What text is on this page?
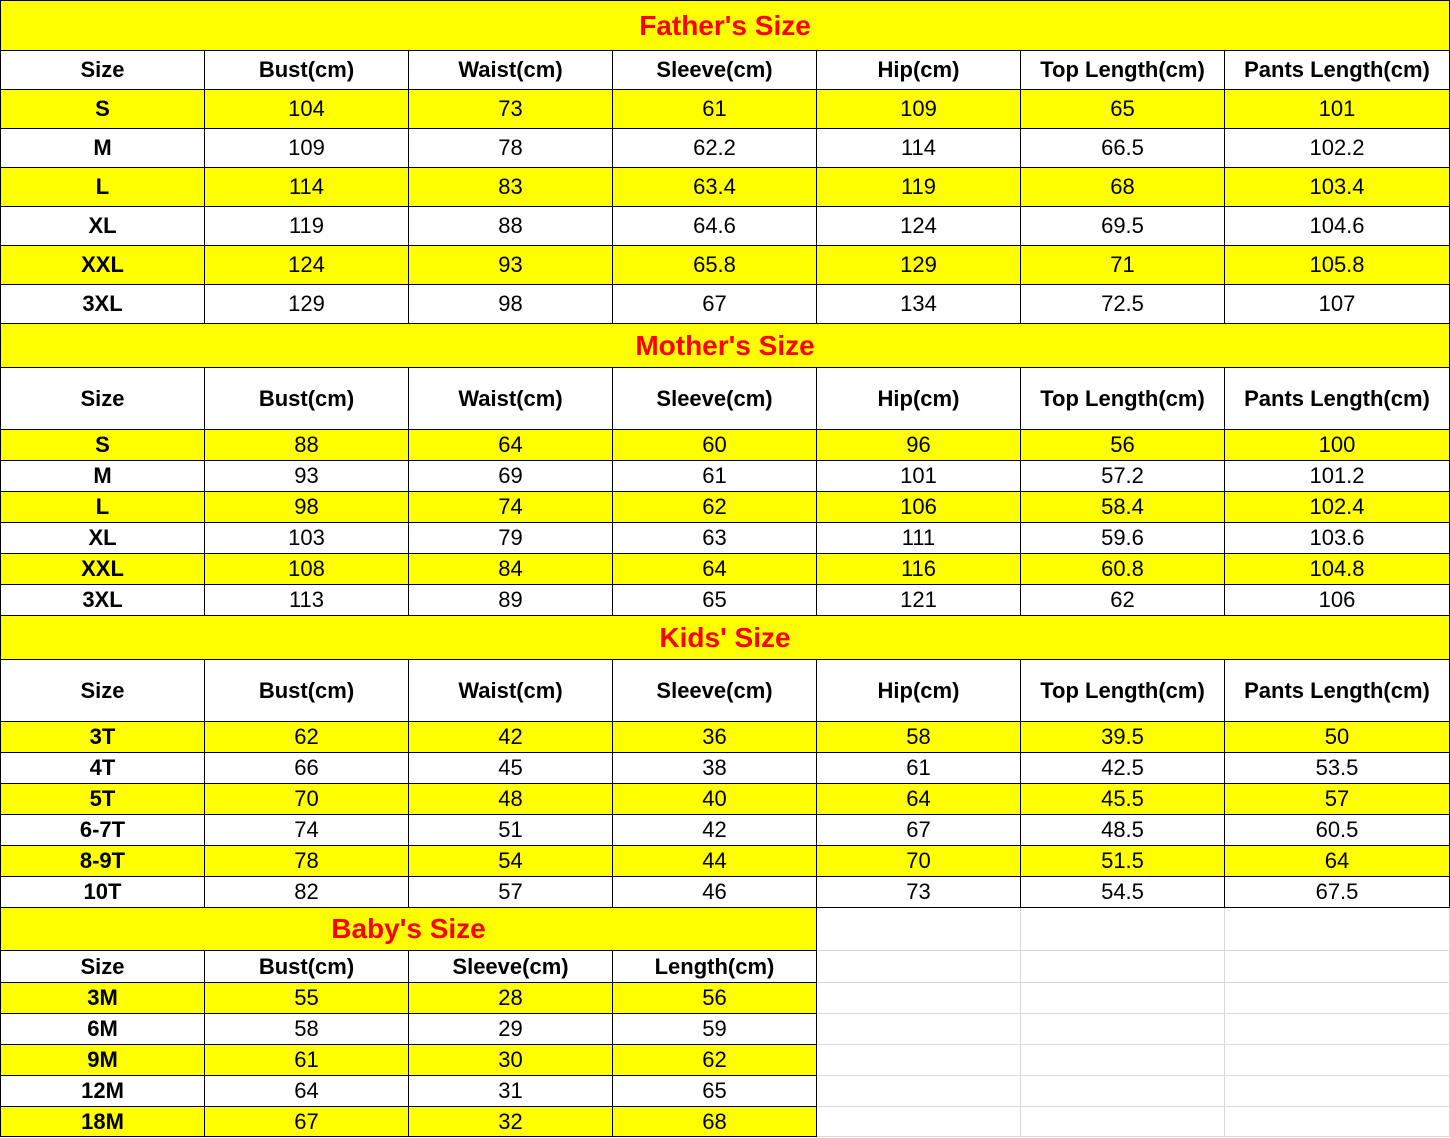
Father's Size
Size	Bust(cm)	Waist(cm)	Sleeve(cm)	Hip(cm)	Top Length(cm)	Pants Length(cm)
S	104	73	61	109	65	101
M	109	78	62.2	114	66.5	102.2
L	114	83	63.4	119	68	103.4
XL	119	88	64.6	124	69.5	104.6
XXL	124	93	65.8	129	71	105.8
3XL	129	98	67	134	72.5	107
Mother's Size
Size	Bust(cm)	Waist(cm)	Sleeve(cm)	Hip(cm)	Top Length(cm)	Pants Length(cm)
S	88	64	60	96	56	100
M	93	69	61	101	57.2	101.2
L	98	74	62	106	58.4	102.4
XL	103	79	63	111	59.6	103.6
XXL	108	84	64	116	60.8	104.8
3XL	113	89	65	121	62	106
Kids' Size
Size	Bust(cm)	Waist(cm)	Sleeve(cm)	Hip(cm)	Top Length(cm)	Pants Length(cm)
3T	62	42	36	58	39.5	50
4T	66	45	38	61	42.5	53.5
5T	70	48	40	64	45.5	57
6-7T	74	51	42	67	48.5	60.5
8-9T	78	54	44	70	51.5	64
10T	82	57	46	73	54.5	67.5
Baby's Size
Size	Bust(cm)	Sleeve(cm)	Length(cm)
3M	55	28	56
6M	58	29	59
9M	61	30	62
12M	64	31	65
18M	67	32	68
